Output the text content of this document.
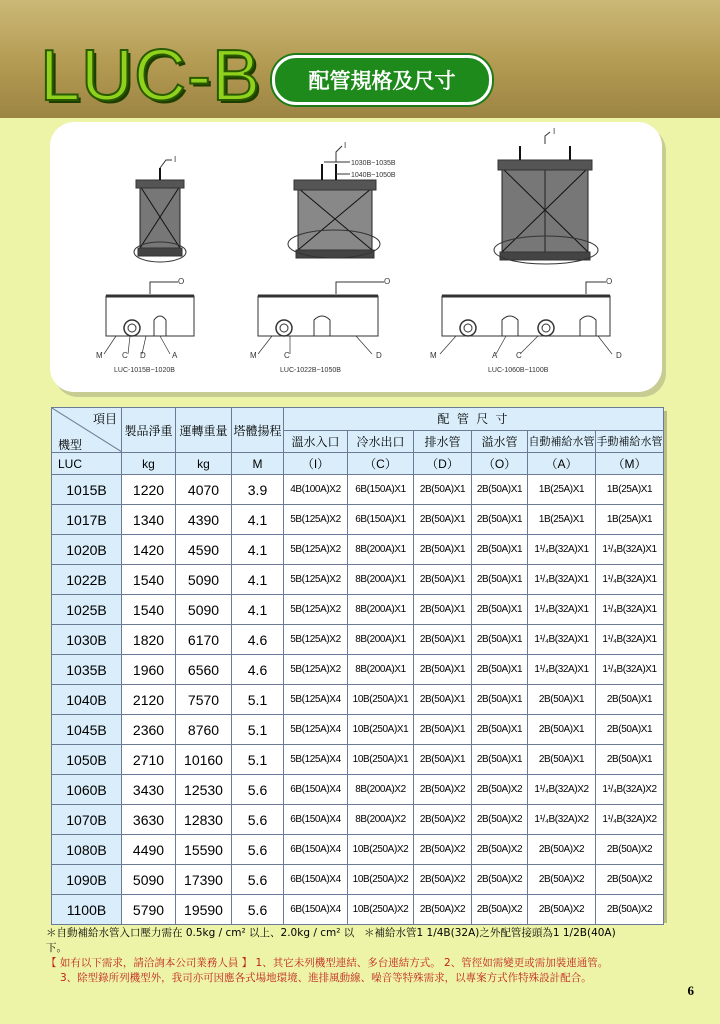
LUC-B	配管規格及尺寸
I
I
1030B~1035B
1040B~1050B
I
O
M C D	A
LUC-1015B~1020B
O
M	C	D
LUC-1022B~1050B
O
M	A C	D
LUC-1060B~1100B
項目
機型	製品淨重	運轉重量	塔體揚程	配 管 尺 寸					
				溫水入口	冷水出口	排水管	溢水管	自動補給水管	手動補給水管
LUC	kg	kg	M	（I）	（C）	（D）	（O）	（A）	（M）
1015B	1220	4070	3.9	4B(100A)X2	6B(150A)X1	2B(50A)X1	2B(50A)X1	1B(25A)X1	1B(25A)X1
1017B	1340	4390	4.1	5B(125A)X2	6B(150A)X1	2B(50A)X1	2B(50A)X1	1B(25A)X1	1B(25A)X1
1020B	1420	4590	4.1	5B(125A)X2	8B(200A)X1	2B(50A)X1	2B(50A)X1	1¹/₄B(32A)X1	1¹/₄B(32A)X1
1022B	1540	5090	4.1	5B(125A)X2	8B(200A)X1	2B(50A)X1	2B(50A)X1	1¹/₄B(32A)X1	1¹/₄B(32A)X1
1025B	1540	5090	4.1	5B(125A)X2	8B(200A)X1	2B(50A)X1	2B(50A)X1	1¹/₄B(32A)X1	1¹/₄B(32A)X1
1030B	1820	6170	4.6	5B(125A)X2	8B(200A)X1	2B(50A)X1	2B(50A)X1	1¹/₄B(32A)X1	1¹/₄B(32A)X1
1035B	1960	6560	4.6	5B(125A)X2	8B(200A)X1	2B(50A)X1	2B(50A)X1	1¹/₄B(32A)X1	1¹/₄B(32A)X1
1040B	2120	7570	5.1	5B(125A)X4	10B(250A)X1	2B(50A)X1	2B(50A)X1	2B(50A)X1	2B(50A)X1
1045B	2360	8760	5.1	5B(125A)X4	10B(250A)X1	2B(50A)X1	2B(50A)X1	2B(50A)X1	2B(50A)X1
1050B	2710	10160	5.1	5B(125A)X4	10B(250A)X1	2B(50A)X1	2B(50A)X1	2B(50A)X1	2B(50A)X1
1060B	3430	12530	5.6	6B(150A)X4	8B(200A)X2	2B(50A)X2	2B(50A)X2	1¹/₄B(32A)X2	1¹/₄B(32A)X2
1070B	3630	12830	5.6	6B(150A)X4	8B(200A)X2	2B(50A)X2	2B(50A)X2	1¹/₄B(32A)X2	1¹/₄B(32A)X2
1080B	4490	15590	5.6	6B(150A)X4	10B(250A)X2	2B(50A)X2	2B(50A)X2	2B(50A)X2	2B(50A)X2
1090B	5090	17390	5.6	6B(150A)X4	10B(250A)X2	2B(50A)X2	2B(50A)X2	2B(50A)X2	2B(50A)X2
1100B	5790	19590	5.6	6B(150A)X4	10B(250A)X2	2B(50A)X2	2B(50A)X2	2B(50A)X2	2B(50A)X2
＊自動補給水管入口壓力需在 0.5kg / cm² 以上、2.0kg / cm² 以下。
＊補給水管1 1/4B(32A)之外配管接頭為1 1/2B(40A)
【 如有以下需求，請洽詢本公司業務人員 】 1、其它未列機型連結、多台連結方式。 2、管徑如需變更或需加裝連通管。
3、除型錄所列機型外，我司亦可因應各式場地環境、進排風動線、噪音等特殊需求，以專案方式作特殊設計配合。
6
